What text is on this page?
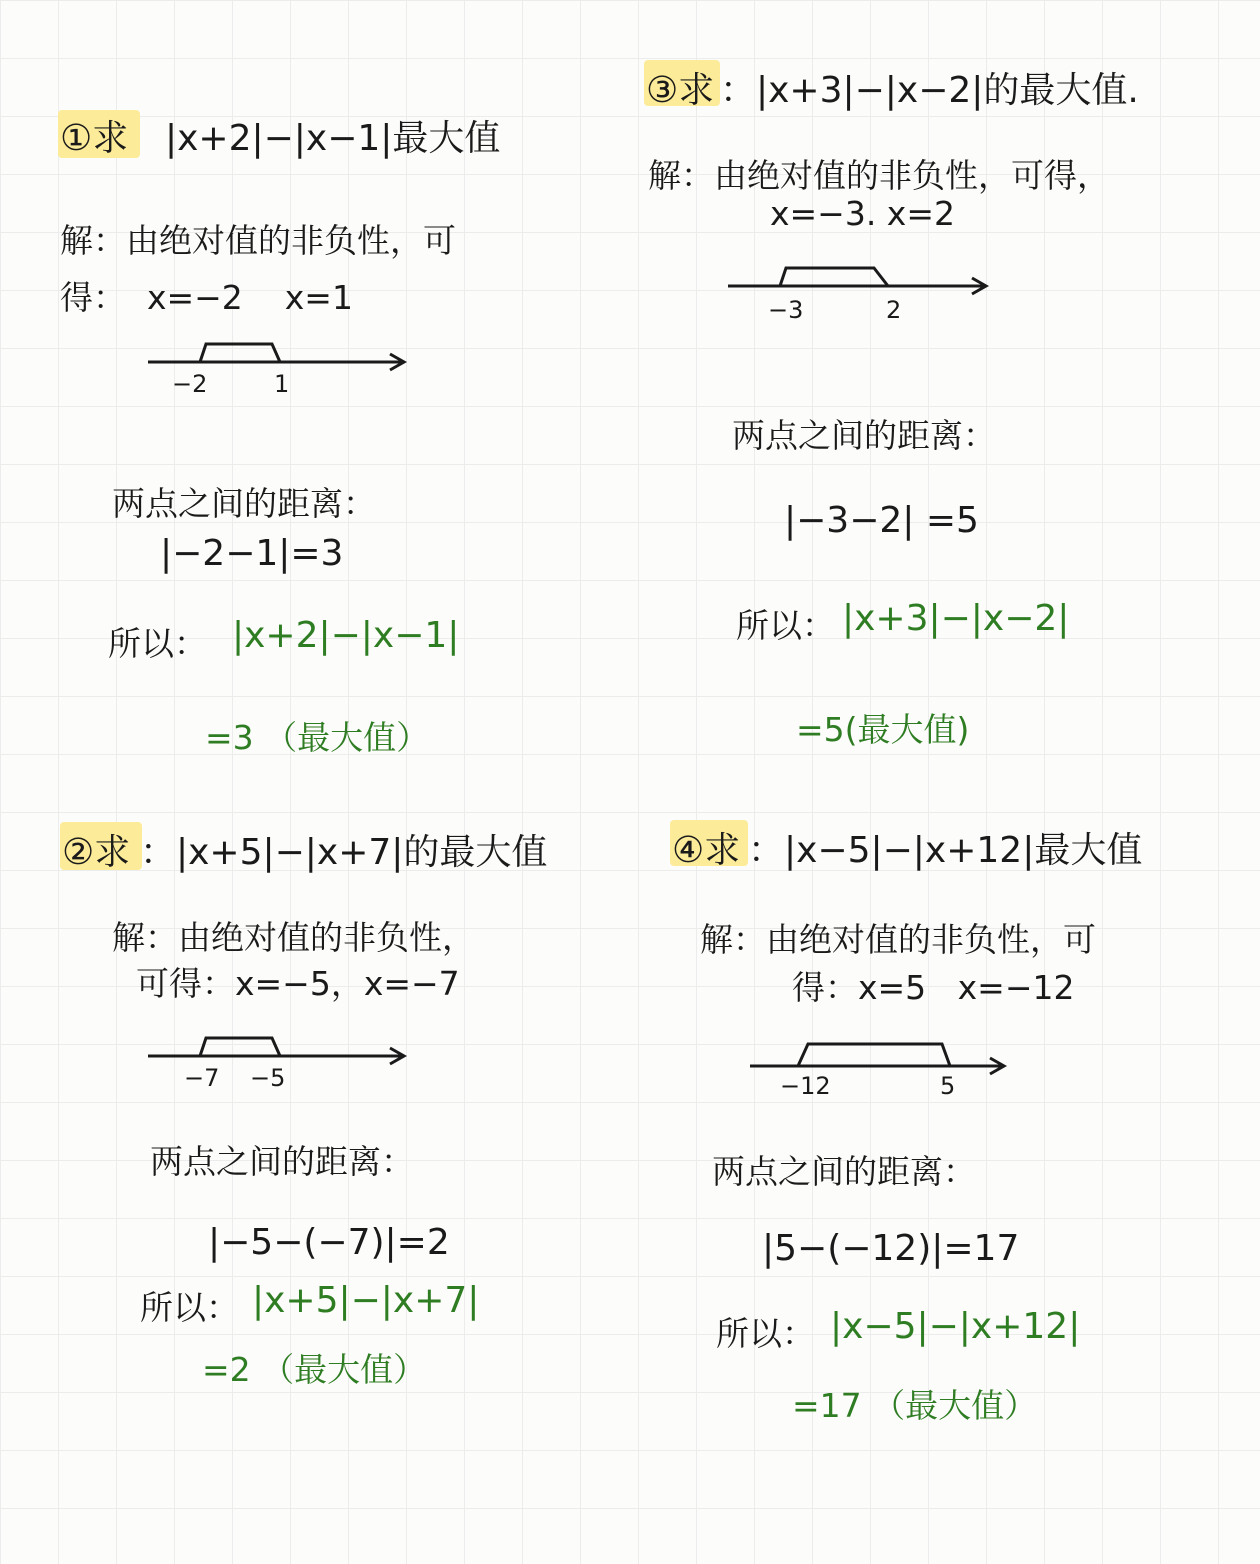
①求 |x+2|−|x−1|最大值
解：由绝对值的非负性，可
得：  x=−2    x=1
−2	1
两点之间的距离：
|−2−1|=3
所以： |x+2|−|x−1|
=3 （最大值）
②求 ：|x+5|−|x+7|的最大值
解：由绝对值的非负性，
可得：x=−5，x=−7
−7 −5
两点之间的距离：
|−5−(−7)|=2
所以： |x+5|−|x+7|
=2 （最大值）
③求 ：|x+3|−|x−2|的最大值.
解：由绝对值的非负性，可得，
x=−3. x=2
−3	2
两点之间的距离：
|−3−2| =5
所以： |x+3|−|x−2|
=5(最大值)
④求 ：|x−5|−|x+12|最大值
解：由绝对值的非负性，可
得：x=5   x=−12
−12	5
两点之间的距离：
|5−(−12)|=17
所以： |x−5|−|x+12|
=17 （最大值）
